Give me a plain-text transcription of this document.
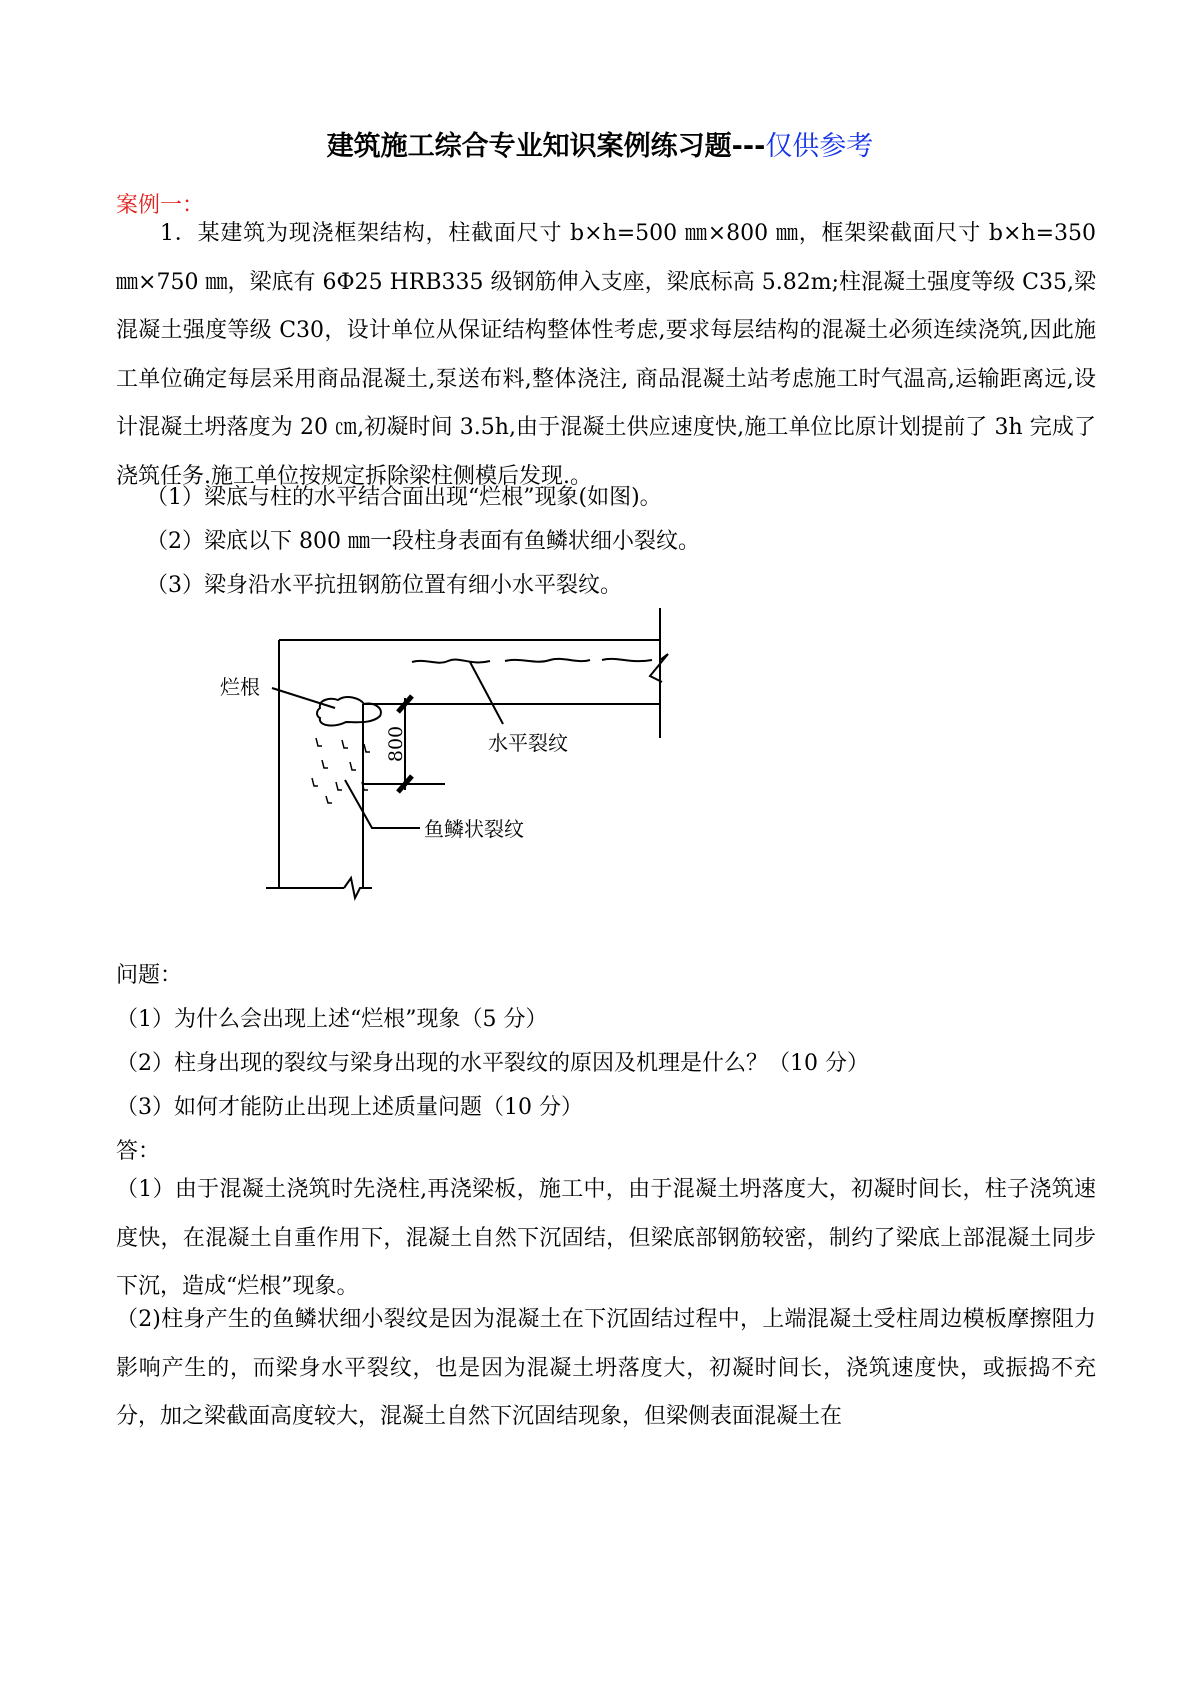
建筑施工综合专业知识案例练习题---仅供参考
案例一：

1．某建筑为现浇框架结构，柱截面尺寸 b×h=500 ㎜×800 ㎜，框架梁截面尺寸 b×h=350 ㎜×750 ㎜，梁底有 6Φ25 HRB335 级钢筋伸入支座，梁底标高 5.82m;柱混凝土强度等级 C35,梁混凝土强度等级 C30，设计单位从保证结构整体性考虑,要求每层结构的混凝土必须连续浇筑,因此施工单位确定每层采用商品混凝土,泵送布料,整体浇注, 商品混凝土站考虑施工时气温高,运输距离远,设计混凝土坍落度为 20 ㎝,初凝时间 3.5h,由于混凝土供应速度快,施工单位比原计划提前了 3h 完成了浇筑任务.施工单位按规定拆除梁柱侧模后发现.。

（1）梁底与柱的水平结合面出现“烂根”现象(如图)。

（2）梁底以下 800 ㎜一段柱身表面有鱼鳞状细小裂纹。

（3）梁身沿水平抗扭钢筋位置有细小水平裂纹。

烂根
水平裂纹
鱼鳞状裂纹
800

问题：

（1）为什么会出现上述“烂根”现象（5 分）

（2）柱身出现的裂纹与梁身出现的水平裂纹的原因及机理是什么？（10 分）

（3）如何才能防止出现上述质量问题（10 分）

答：

（1）由于混凝土浇筑时先浇柱,再浇梁板，施工中，由于混凝土坍落度大，初凝时间长，柱子浇筑速度快，在混凝土自重作用下，混凝土自然下沉固结，但梁底部钢筋较密，制约了梁底上部混凝土同步下沉，造成“烂根”现象。

（2)柱身产生的鱼鳞状细小裂纹是因为混凝土在下沉固结过程中，上端混凝土受柱周边模板摩擦阻力影响产生的，而梁身水平裂纹，也是因为混凝土坍落度大，初凝时间长，浇筑速度快，或振捣不充分，加之梁截面高度较大，混凝土自然下沉固结现象，但梁侧表面混凝土在
